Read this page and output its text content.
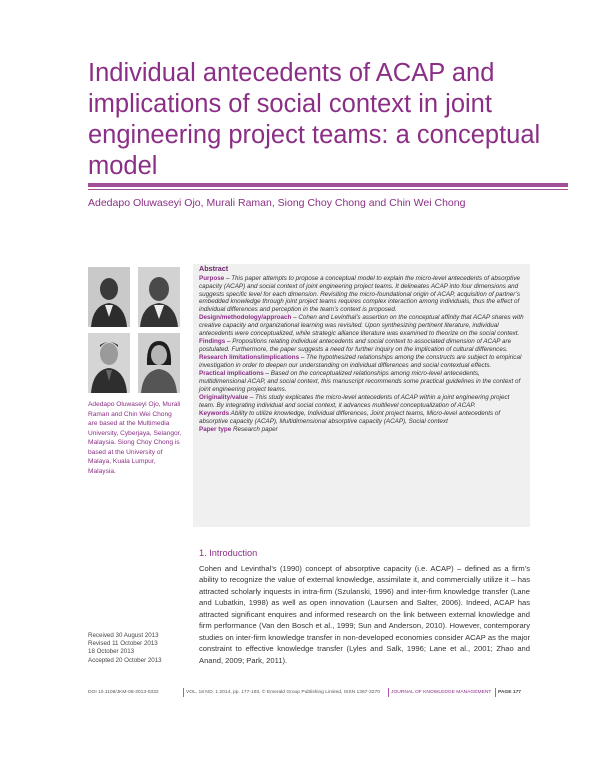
Individual antecedents of ACAP and implications of social context in joint engineering project teams: a conceptual model
Adedapo Oluwaseyi Ojo, Murali Raman, Siong Choy Chong and Chin Wei Chong
Adedapo Oluwaseyi Ojo, Murali Raman and Chin Wei Chong are based at the Multimedia University, Cyberjaya, Selangor, Malaysia. Siong Choy Chong is based at the University of Malaya, Kuala Lumpur, Malaysia.
Received 30 August 2013
Revised 11 October 2013
18 October 2013
Accepted 20 October 2013
Abstract

Purpose – This paper attempts to propose a conceptual model to explain the micro-level antecedents of absorptive capacity (ACAP) and social context of joint engineering project teams. It delineates ACAP into four dimensions and suggests specific level for each dimension. Revisiting the micro-foundational origin of ACAP, acquisition of partner’s embedded knowledge through joint project teams requires complex interaction among individuals, thus the effect of individual differences and perception in the team’s context is proposed.

Design/methodology/approach – Cohen and Levinthal’s assertion on the conceptual affinity that ACAP shares with creative capacity and organizational learning was revisited. Upon synthesizing pertinent literature, individual antecedents were conceptualized, while strategic alliance literature was examined to theorize on the social context.

Findings – Propositions relating individual antecedents and social context to associated dimension of ACAP are postulated. Furthermore, the paper suggests a need for further inquiry on the implication of cultural differences.

Research limitations/implications – The hypothesized relationships among the constructs are subject to empirical investigation in order to deepen our understanding on individual differences and social contextual effects.

Practical implications – Based on the conceptualized relationships among micro-level antecedents, multidimensional ACAP, and social context, this manuscript recommends some practical guidelines in the context of joint engineering project teams.

Originality/value – This study explicates the micro-level antecedents of ACAP within a joint engineering project team. By integrating individual and social context, it advances multilevel conceptualization of ACAP.

Keywords Ability to utilize knowledge, Individual differences, Joint project teams, Micro-level antecedents of absorptive capacity (ACAP), Multidimensional absorptive capacity (ACAP), Social context

Paper type Research paper

1. Introduction
Cohen and Levinthal’s (1990) concept of absorptive capacity (i.e. ACAP) – defined as a firm’s ability to recognize the value of external knowledge, assimilate it, and commercially utilize it – has attracted scholarly inquests in intra-firm (Szulanski, 1996) and inter-firm knowledge transfer (Lane and Lubatkin, 1998) as well as open innovation (Laursen and Salter, 2006). Indeed, ACAP has attracted significant enquires and informed research on the link between external knowledge and firm performance (Van den Bosch et al., 1999; Sun and Anderson, 2010). However, contemporary studies on inter-firm knowledge transfer in non-developed economies consider ACAP as the major constraint to effective knowledge transfer (Lyles and Salk, 1996; Lane et al., 2001; Zhao and Anand, 2009; Park, 2011).
DOI 10.1108/JKM-08-2013-0332	VOL. 18 NO. 1 2014, pp. 177-193, © Emerald Group Publishing Limited, ISSN 1367-3270 JOURNAL OF KNOWLEDGE MANAGEMENT PAGE 177
